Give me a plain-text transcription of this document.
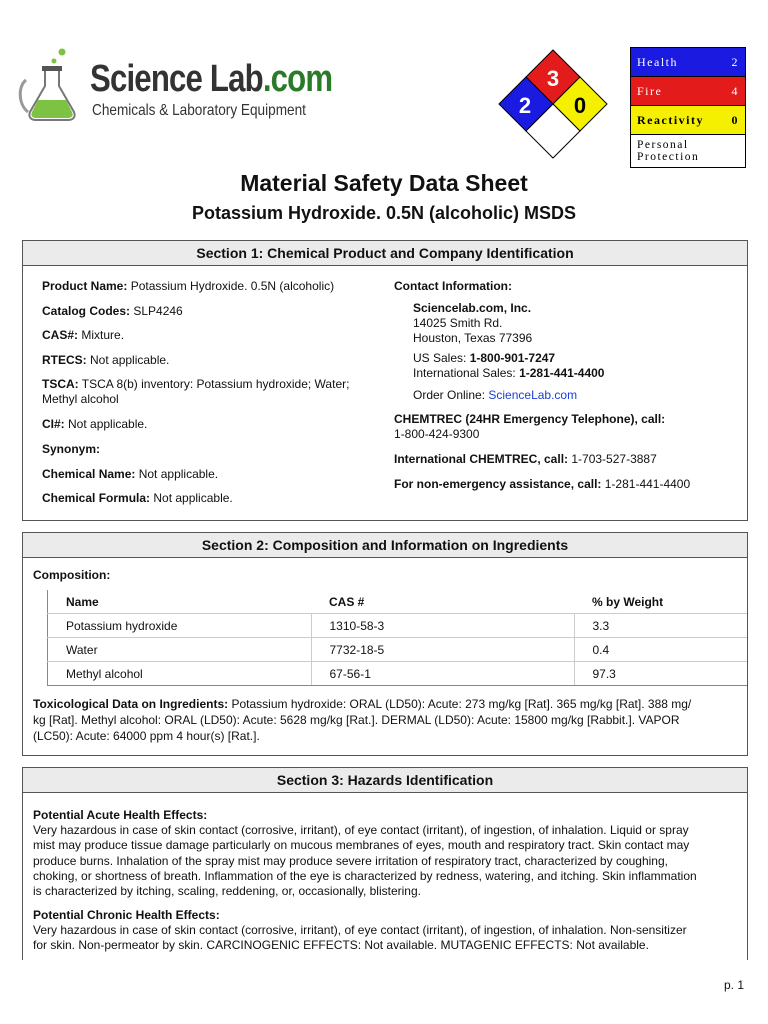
Science Lab.com
Chemicals & Laboratory Equipment
3
2 0
Health	2
Fire	4
Reactivity 0
Personal
Protection
Material Safety Data Sheet
Potassium Hydroxide. 0.5N (alcoholic) MSDS
Section 1: Chemical Product and Company Identification
Product Name: Potassium Hydroxide. 0.5N (alcoholic)
Catalog Codes: SLP4246
CAS#: Mixture.
RTECS: Not applicable.
TSCA: TSCA 8(b) inventory: Potassium hydroxide; Water;
Methyl alcohol
CI#: Not applicable.
Synonym:
Chemical Name: Not applicable.
Chemical Formula: Not applicable.
Contact Information:
Sciencelab.com, Inc.
14025 Smith Rd.
Houston, Texas 77396
US Sales: 1-800-901-7247
International Sales: 1-281-441-4400
Order Online: ScienceLab.com
CHEMTREC (24HR Emergency Telephone), call:
1-800-424-9300
International CHEMTREC, call: 1-703-527-3887
For non-emergency assistance, call: 1-281-441-4400
Section 2: Composition and Information on Ingredients
Composition:
Name	CAS #	% by Weight
Potassium hydroxide	1310-58-3	3.3
Water	7732-18-5	0.4
Methyl alcohol	67-56-1	97.3
Toxicological Data on Ingredients: Potassium hydroxide: ORAL (LD50): Acute: 273 mg/kg [Rat]. 365 mg/kg [Rat]. 388 mg/
kg [Rat]. Methyl alcohol: ORAL (LD50): Acute: 5628 mg/kg [Rat.]. DERMAL (LD50): Acute: 15800 mg/kg [Rabbit.]. VAPOR
(LC50): Acute: 64000 ppm 4 hour(s) [Rat.].
Section 3: Hazards Identification
Potential Acute Health Effects:
Very hazardous in case of skin contact (corrosive, irritant), of eye contact (irritant), of ingestion, of inhalation. Liquid or spray
mist may produce tissue damage particularly on mucous membranes of eyes, mouth and respiratory tract. Skin contact may
produce burns. Inhalation of the spray mist may produce severe irritation of respiratory tract, characterized by coughing,
choking, or shortness of breath. Inflammation of the eye is characterized by redness, watering, and itching. Skin inflammation
is characterized by itching, scaling, reddening, or, occasionally, blistering.
Potential Chronic Health Effects:
Very hazardous in case of skin contact (corrosive, irritant), of eye contact (irritant), of ingestion, of inhalation. Non-sensitizer
for skin. Non-permeator by skin. CARCINOGENIC EFFECTS: Not available. MUTAGENIC EFFECTS: Not available.
p. 1
